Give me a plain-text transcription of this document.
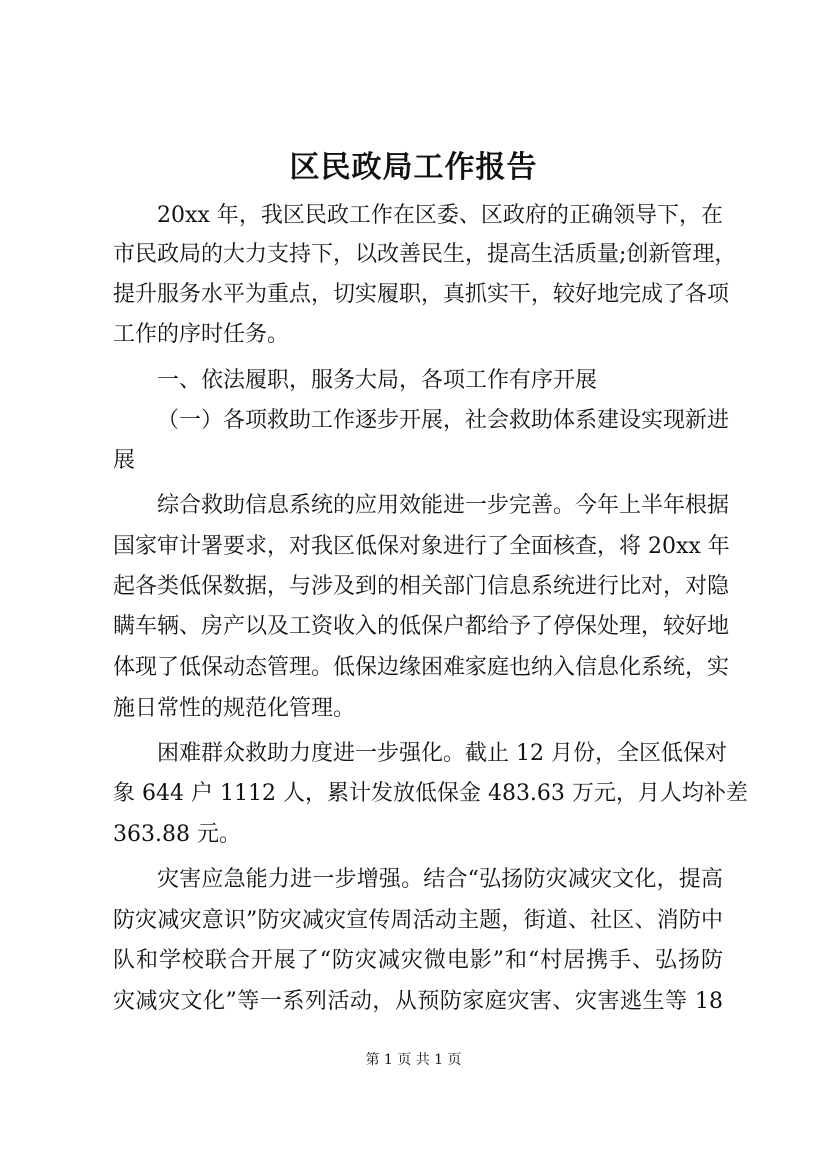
区民政局工作报告

20xx 年，我区民政工作在区委、区政府的正确领导下，在

市民政局的大力支持下，以改善民生，提高生活质量;创新管理，

提升服务水平为重点，切实履职，真抓实干，较好地完成了各项

工作的序时任务。

一、依法履职，服务大局，各项工作有序开展

（一）各项救助工作逐步开展，社会救助体系建设实现新进

展

综合救助信息系统的应用效能进一步完善。今年上半年根据

国家审计署要求，对我区低保对象进行了全面核查，将 20xx 年

起各类低保数据，与涉及到的相关部门信息系统进行比对，对隐

瞒车辆、房产以及工资收入的低保户都给予了停保处理，较好地

体现了低保动态管理。低保边缘困难家庭也纳入信息化系统，实

施日常性的规范化管理。

困难群众救助力度进一步强化。截止 12 月份，全区低保对

象 644 户 1112 人，累计发放低保金 483.63 万元，月人均补差

363.88 元。

灾害应急能力进一步增强。结合“弘扬防灾减灾文化，提高

防灾减灾意识”防灾减灾宣传周活动主题，街道、社区、消防中

队和学校联合开展了“防灾减灾微电影”和“村居携手、弘扬防

灾减灾文化”等一系列活动，从预防家庭灾害、灾害逃生等 18

第 1 页 共 1 页
